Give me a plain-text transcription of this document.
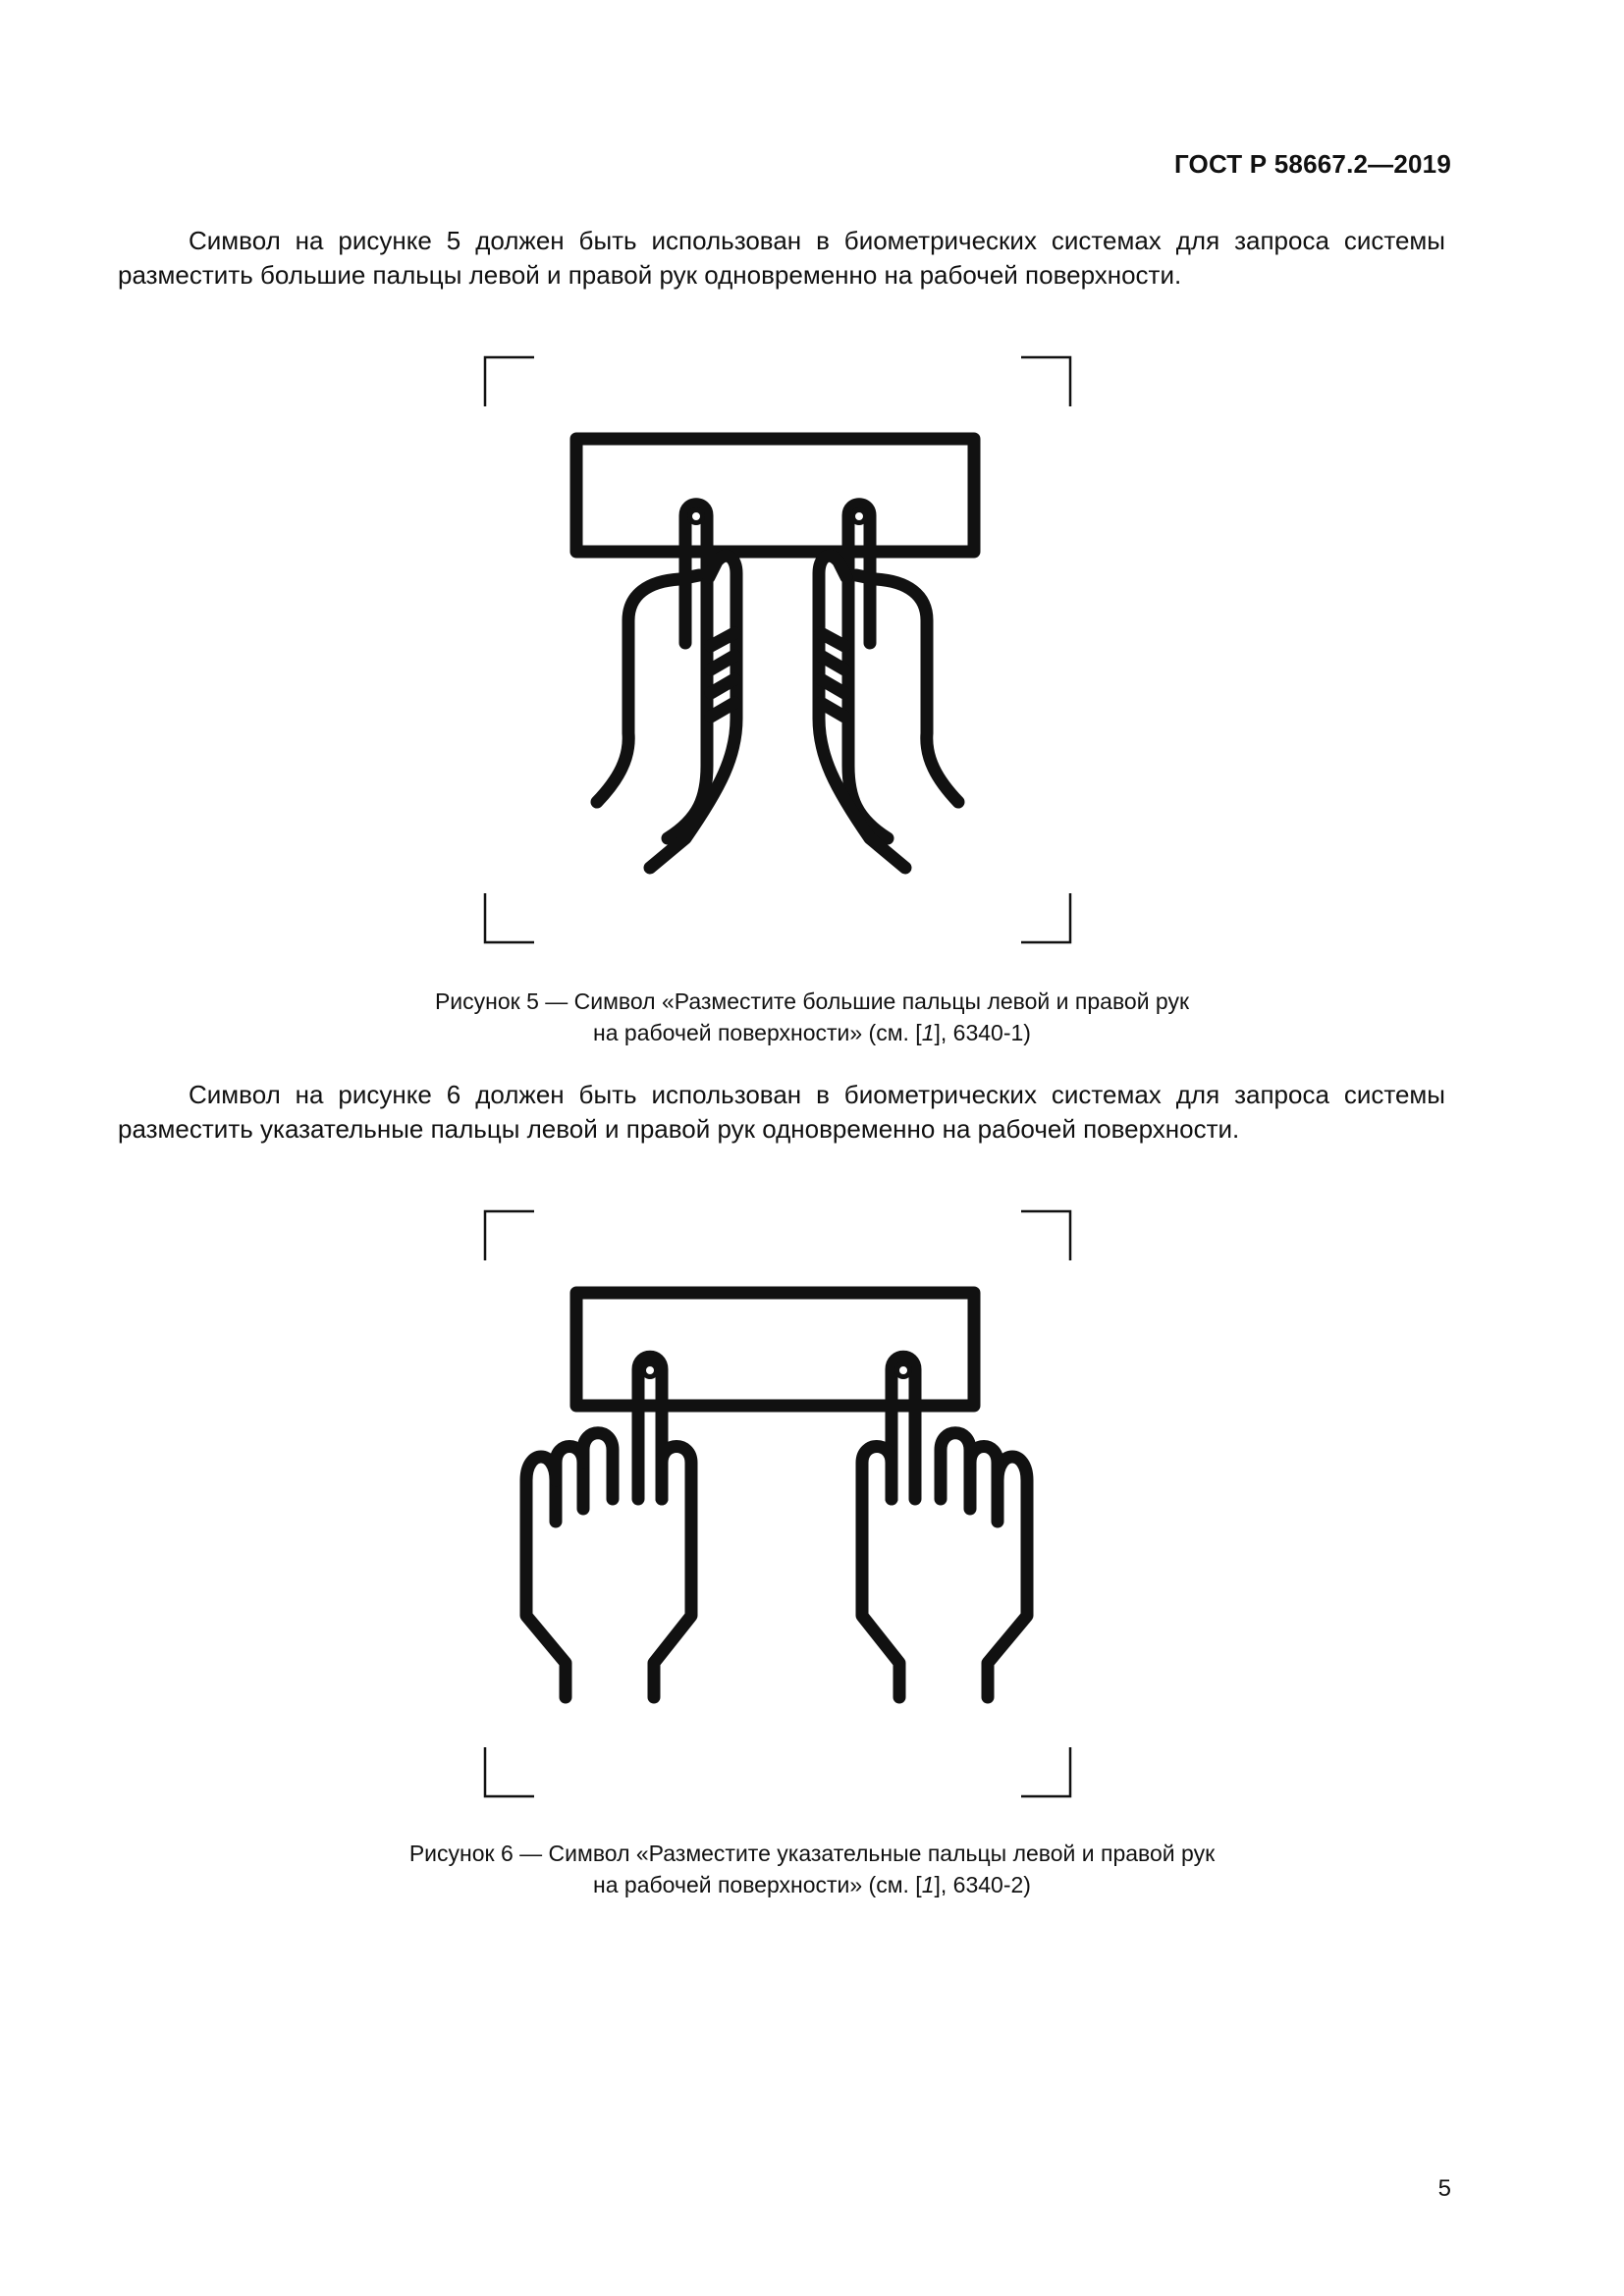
ГОСТ Р 58667.2—2019

Символ на рисунке 5 должен быть использован в биометрических системах для запроса системы разместить большие пальцы левой и правой рук одновременно на рабочей поверхности.

Рисунок 5 — Символ «Разместите большие пальцы левой и правой рук
на рабочей поверхности» (см. [1], 6340-1)

Символ на рисунке 6 должен быть использован в биометрических системах для запроса системы разместить указательные пальцы левой и правой рук одновременно на рабочей поверхности.

Рисунок 6 — Символ «Разместите указательные пальцы левой и правой рук
на рабочей поверхности» (см. [1], 6340-2)
5
